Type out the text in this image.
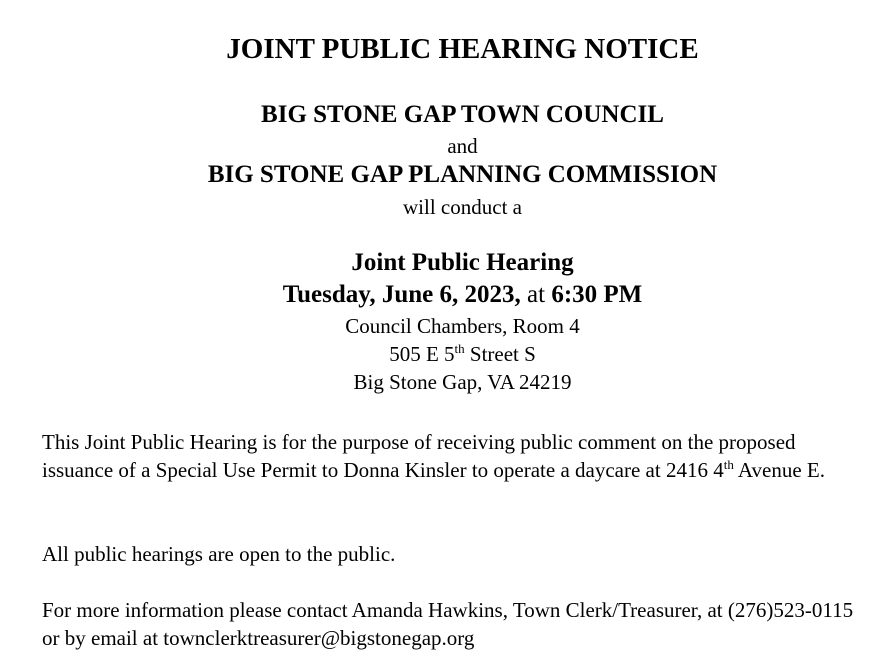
JOINT PUBLIC HEARING NOTICE
BIG STONE GAP TOWN COUNCIL
and
BIG STONE GAP PLANNING COMMISSION
will conduct a
Joint Public Hearing
Tuesday, June 6, 2023, at 6:30 PM
Council Chambers, Room 4
505 E 5th Street S
Big Stone Gap, VA 24219
This Joint Public Hearing is for the purpose of receiving public comment on the proposed issuance of a Special Use Permit to Donna Kinsler to operate a daycare at 2416 4th Avenue E.
All public hearings are open to the public.
For more information please contact Amanda Hawkins, Town Clerk/Treasurer, at (276)523-0115 or by email at townclerktreasurer@bigstonegap.org
